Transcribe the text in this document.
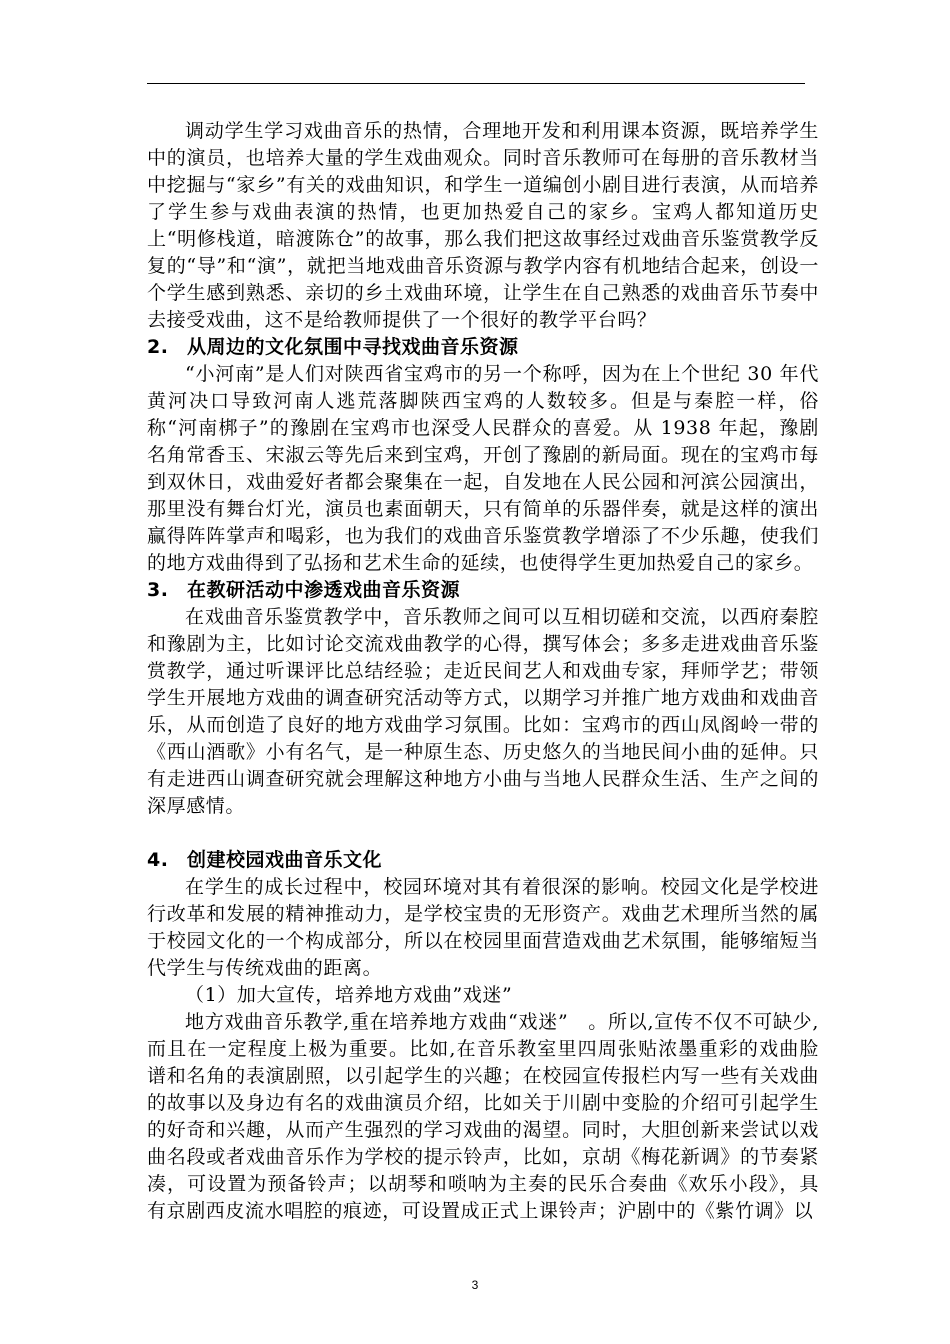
调动学生学习戏曲音乐的热情，合理地开发和利用课本资源，既培养学生中的演员，也培养大量的学生戏曲观众。同时音乐教师可在每册的音乐教材当中挖掘与“家乡”有关的戏曲知识，和学生一道编创小剧目进行表演，从而培养了学生参与戏曲表演的热情，也更加热爱自己的家乡。宝鸡人都知道历史上“明修栈道，暗渡陈仓”的故事，那么我们把这故事经过戏曲音乐鉴赏教学反复的“导”和“演”，就把当地戏曲音乐资源与教学内容有机地结合起来，创设一个学生感到熟悉、亲切的乡土戏曲环境，让学生在自己熟悉的戏曲音乐节奏中去接受戏曲，这不是给教师提供了一个很好的教学平台吗？

2. 从周边的文化氛围中寻找戏曲音乐资源

“小河南”是人们对陕西省宝鸡市的另一个称呼，因为在上个世纪 30 年代黄河决口导致河南人逃荒落脚陕西宝鸡的人数较多。但是与秦腔一样，俗称“河南梆子”的豫剧在宝鸡市也深受人民群众的喜爱。从 1938 年起，豫剧名角常香玉、宋淑云等先后来到宝鸡，开创了豫剧的新局面。现在的宝鸡市每到双休日，戏曲爱好者都会聚集在一起，自发地在人民公园和河滨公园演出，那里没有舞台灯光，演员也素面朝天，只有简单的乐器伴奏，就是这样的演出赢得阵阵掌声和喝彩，也为我们的戏曲音乐鉴赏教学增添了不少乐趣，使我们的地方戏曲得到了弘扬和艺术生命的延续，也使得学生更加热爱自己的家乡。

3. 在教研活动中渗透戏曲音乐资源

在戏曲音乐鉴赏教学中，音乐教师之间可以互相切磋和交流，以西府秦腔和豫剧为主，比如讨论交流戏曲教学的心得，撰写体会；多多走进戏曲音乐鉴赏教学，通过听课评比总结经验；走近民间艺人和戏曲专家，拜师学艺；带领学生开展地方戏曲的调查研究活动等方式，以期学习并推广地方戏曲和戏曲音乐，从而创造了良好的地方戏曲学习氛围。比如：宝鸡市的西山凤阁岭一带的《西山酒歌》小有名气，是一种原生态、历史悠久的当地民间小曲的延伸。只有走进西山调查研究就会理解这种地方小曲与当地人民群众生活、生产之间的深厚感情。

4. 创建校园戏曲音乐文化

在学生的成长过程中，校园环境对其有着很深的影响。校园文化是学校进行改革和发展的精神推动力，是学校宝贵的无形资产。戏曲艺术理所当然的属于校园文化的一个构成部分，所以在校园里面营造戏曲艺术氛围，能够缩短当代学生与传统戏曲的距离。

（1）加大宣传，培养地方戏曲”戏迷”

地方戏曲音乐教学,重在培养地方戏曲“戏迷”　。所以,宣传不仅不可缺少,而且在一定程度上极为重要。比如,在音乐教室里四周张贴浓墨重彩的戏曲脸谱和名角的表演剧照，以引起学生的兴趣；在校园宣传报栏内写一些有关戏曲的故事以及身边有名的戏曲演员介绍，比如关于川剧中变脸的介绍可引起学生的好奇和兴趣，从而产生强烈的学习戏曲的渴望。同时，大胆创新来尝试以戏曲名段或者戏曲音乐作为学校的提示铃声，比如，京胡《梅花新调》的节奏紧凑，可设置为预备铃声；以胡琴和唢呐为主奏的民乐合奏曲《欢乐小段》，具有京剧西皮流水唱腔的痕迹，可设置成正式上课铃声；沪剧中的《紫竹调》以

3
